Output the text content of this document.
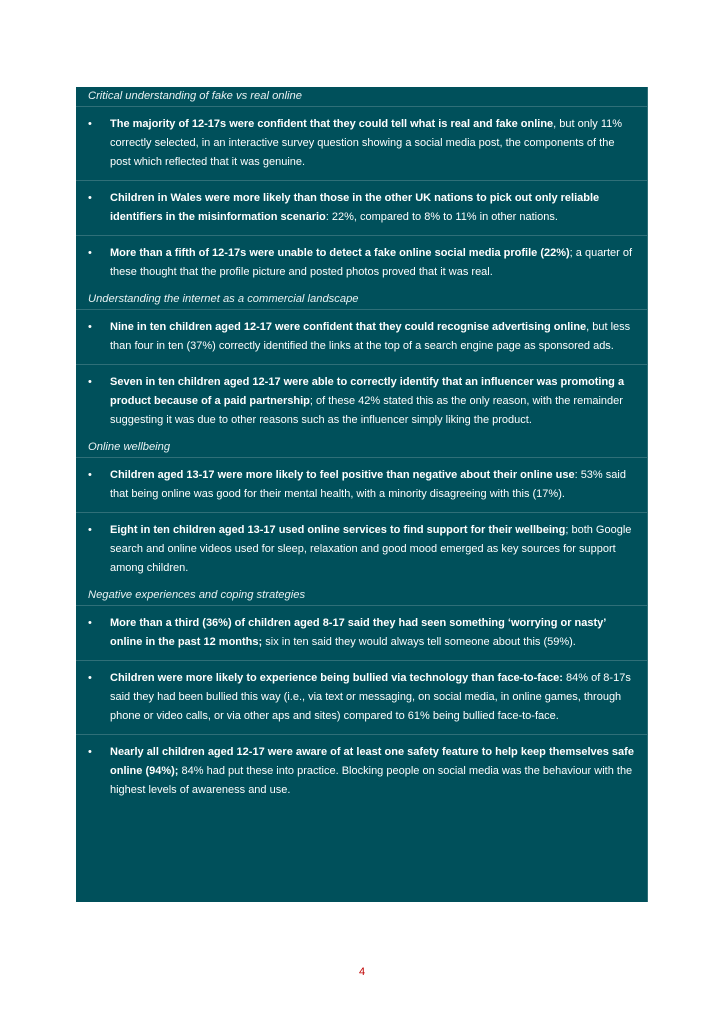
Critical understanding of fake vs real online
• The majority of 12-17s were confident that they could tell what is real and fake online, but only 11% correctly selected, in an interactive survey question showing a social media post, the components of the post which reflected that it was genuine.
• Children in Wales were more likely than those in the other UK nations to pick out only reliable identifiers in the misinformation scenario: 22%, compared to 8% to 11% in other nations.
• More than a fifth of 12-17s were unable to detect a fake online social media profile (22%); a quarter of these thought that the profile picture and posted photos proved that it was real.
Understanding the internet as a commercial landscape
• Nine in ten children aged 12-17 were confident that they could recognise advertising online, but less than four in ten (37%) correctly identified the links at the top of a search engine page as sponsored ads.
• Seven in ten children aged 12-17 were able to correctly identify that an influencer was promoting a product because of a paid partnership; of these 42% stated this as the only reason, with the remainder suggesting it was due to other reasons such as the influencer simply liking the product.
Online wellbeing
• Children aged 13-17 were more likely to feel positive than negative about their online use: 53% said that being online was good for their mental health, with a minority disagreeing with this (17%).
• Eight in ten children aged 13-17 used online services to find support for their wellbeing; both Google search and online videos used for sleep, relaxation and good mood emerged as key sources for support among children.
Negative experiences and coping strategies
• More than a third (36%) of children aged 8-17 said they had seen something ‘worrying or nasty’ online in the past 12 months; six in ten said they would always tell someone about this (59%).
• Children were more likely to experience being bullied via technology than face-to-face: 84% of 8-17s said they had been bullied this way (i.e., via text or messaging, on social media, in online games, through phone or video calls, or via other aps and sites) compared to 61% being bullied face-to-face.
• Nearly all children aged 12-17 were aware of at least one safety feature to help keep themselves safe online (94%); 84% had put these into practice. Blocking people on social media was the behaviour with the highest levels of awareness and use.
4
